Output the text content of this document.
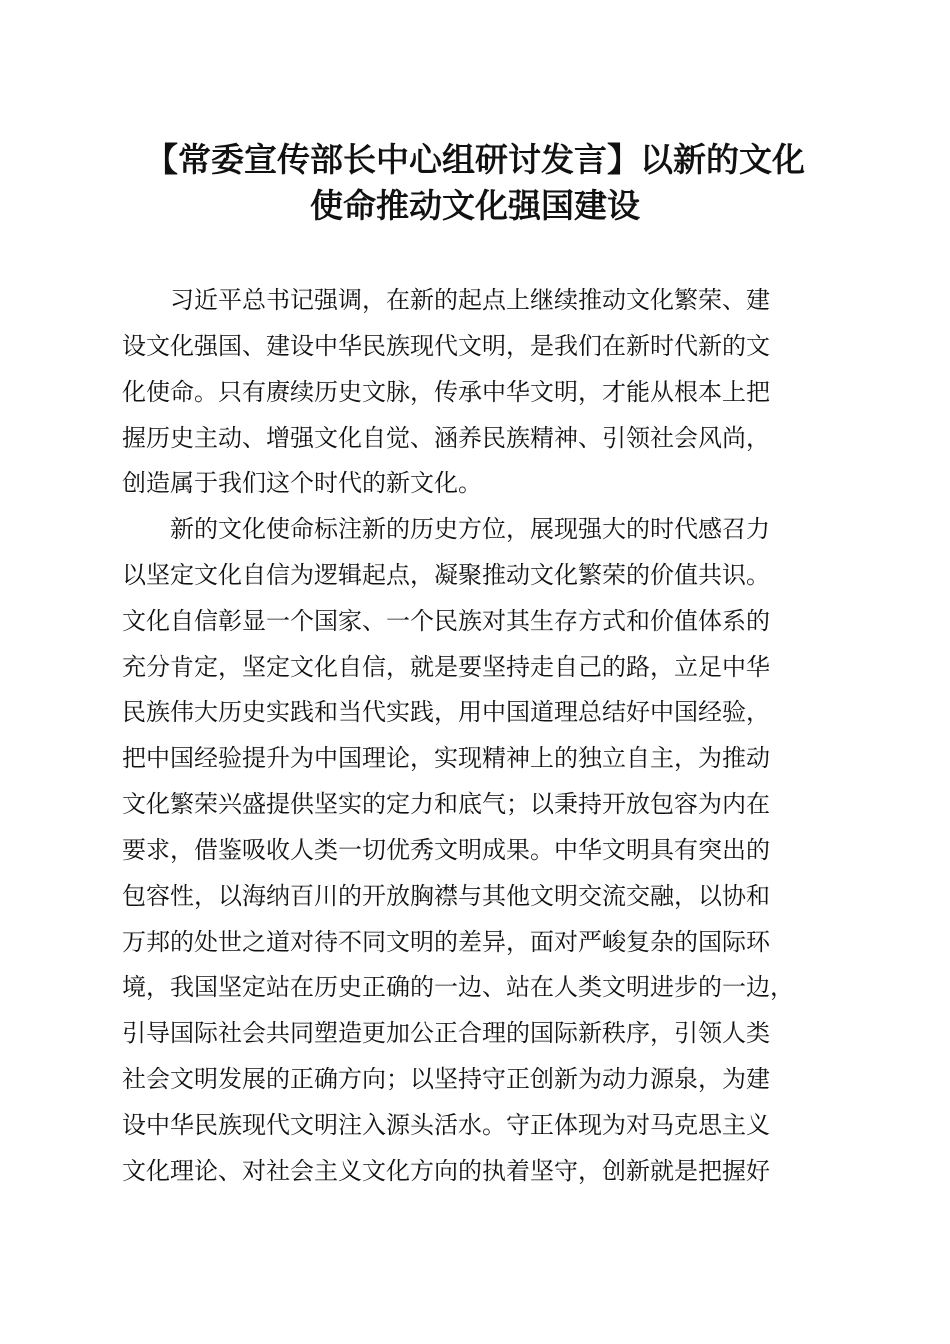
【常委宣传部长中心组研讨发言】以新的文化
使命推动文化强国建设

习近平总书记强调，在新的起点上继续推动文化繁荣、建

设文化强国、建设中华民族现代文明，是我们在新时代新的文

化使命。只有赓续历史文脉，传承中华文明，才能从根本上把

握历史主动、增强文化自觉、涵养民族精神、引领社会风尚，

创造属于我们这个时代的新文化。

新的文化使命标注新的历史方位，展现强大的时代感召力

以坚定文化自信为逻辑起点，凝聚推动文化繁荣的价值共识。

文化自信彰显一个国家、一个民族对其生存方式和价值体系的

充分肯定，坚定文化自信，就是要坚持走自己的路，立足中华

民族伟大历史实践和当代实践，用中国道理总结好中国经验，

把中国经验提升为中国理论，实现精神上的独立自主，为推动

文化繁荣兴盛提供坚实的定力和底气；以秉持开放包容为内在

要求，借鉴吸收人类一切优秀文明成果。中华文明具有突出的

包容性，以海纳百川的开放胸襟与其他文明交流交融，以协和

万邦的处世之道对待不同文明的差异，面对严峻复杂的国际环

境，我国坚定站在历史正确的一边、站在人类文明进步的一边，

引导国际社会共同塑造更加公正合理的国际新秩序，引领人类

社会文明发展的正确方向；以坚持守正创新为动力源泉，为建

设中华民族现代文明注入源头活水。守正体现为对马克思主义

文化理论、对社会主义文化方向的执着坚守，创新就是把握好
